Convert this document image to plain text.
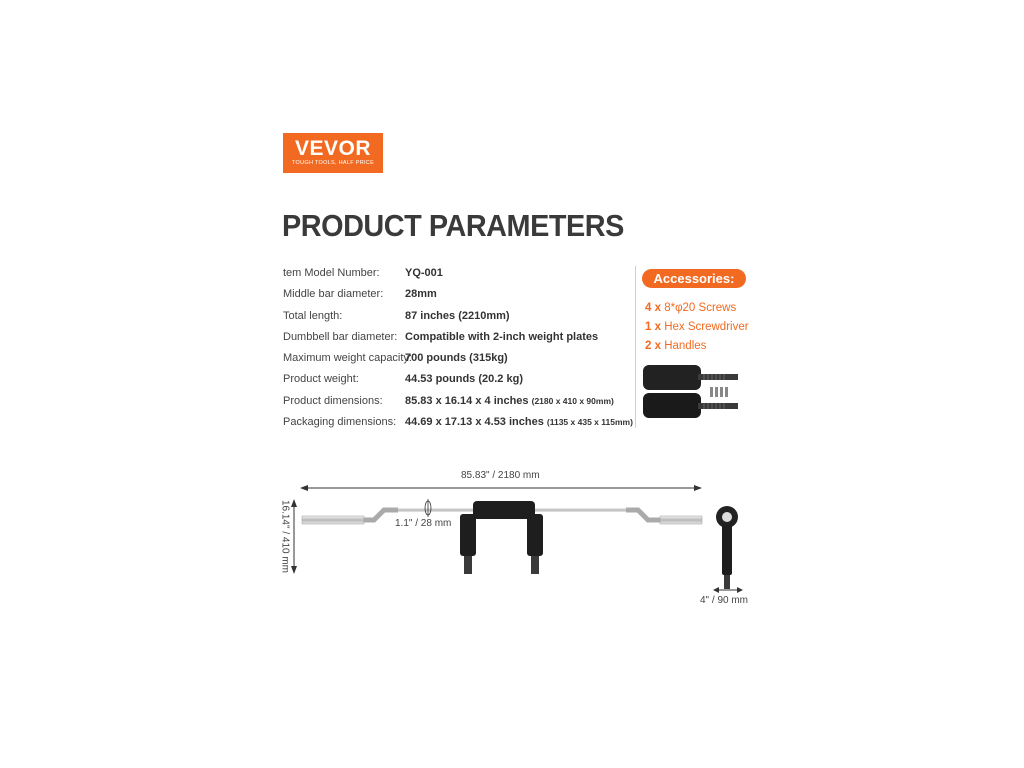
VEVOR
TOUGH TOOLS, HALF PRICE
PRODUCT PARAMETERS
tem Model Number: YQ-001
Middle bar diameter: 28mm
Total length:	87 inches (2210mm)
Dumbbell bar diameter: Compatible with 2-inch weight plates
Maximum weight capacity:
700 pounds (315kg)
Product weight:	44.53 pounds (20.2 kg)
Product dimensions: 85.83 x 16.14 x 4 inches (2180 x 410 x 90mm)
Packaging dimensions: 44.69 x 17.13 x 4.53 inches (1135 x 435 x 115mm)
Accessories:
4 x 8*φ20 Screws
1 x Hex Screwdriver
2 x Handles
85.83" / 2180 mm
1.1" / 28 mm
4" / 90 mm
16.14" / 410 mm
